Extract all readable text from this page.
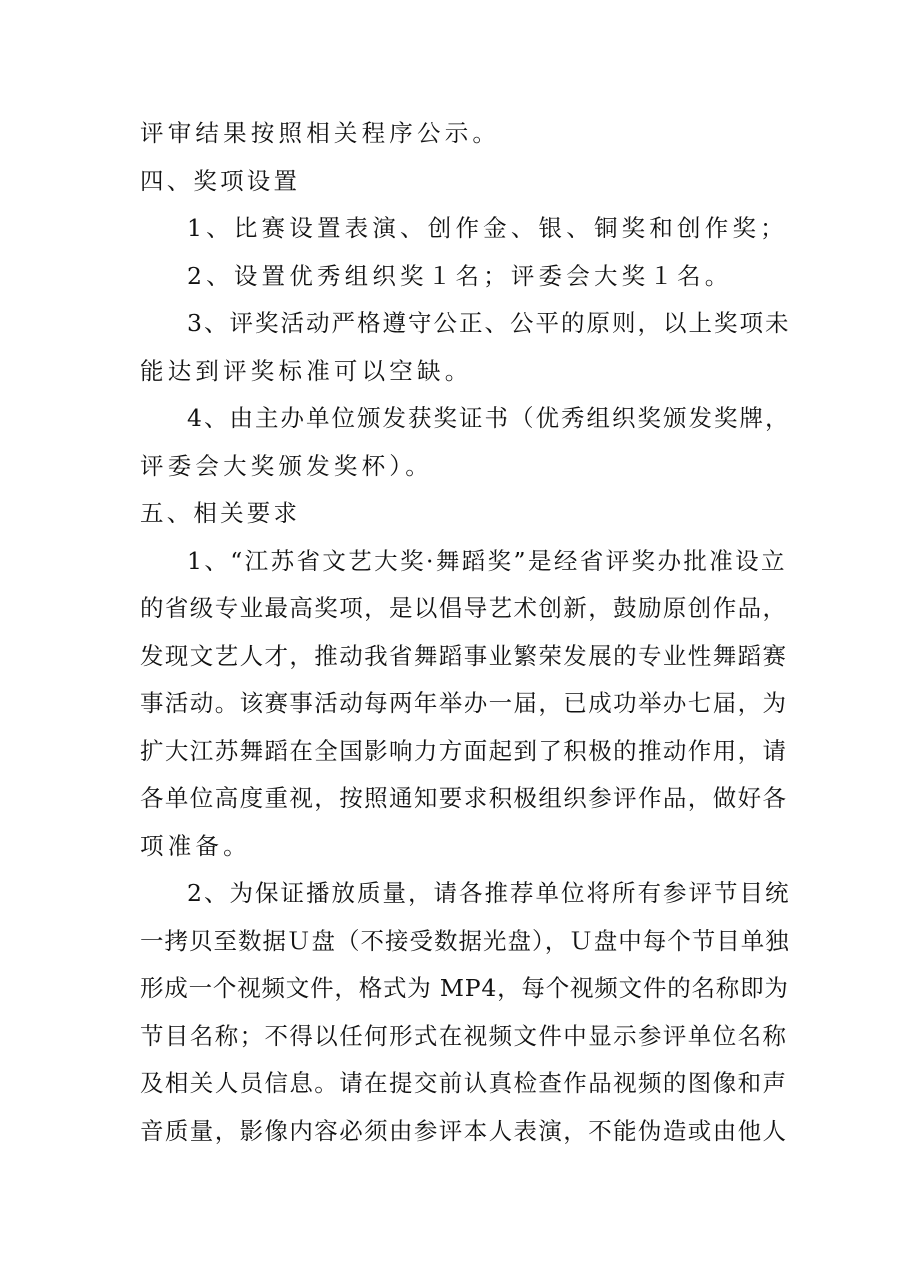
评审结果按照相关程序公示。
四、奖项设置
1、比赛设置表演、创作金、银、铜奖和创作奖；
2、设置优秀组织奖１名；评委会大奖１名。
3、评奖活动严格遵守公正、公平的原则，以上奖项未
能达到评奖标准可以空缺。
4、由主办单位颁发获奖证书（优秀组织奖颁发奖牌，
评委会大奖颁发奖杯）。
五、相关要求
1、“江苏省文艺大奖·舞蹈奖”是经省评奖办批准设立
的省级专业最高奖项，是以倡导艺术创新，鼓励原创作品，
发现文艺人才，推动我省舞蹈事业繁荣发展的专业性舞蹈赛
事活动。该赛事活动每两年举办一届，已成功举办七届，为
扩大江苏舞蹈在全国影响力方面起到了积极的推动作用，请
各单位高度重视，按照通知要求积极组织参评作品，做好各
项准备。
2、为保证播放质量，请各推荐单位将所有参评节目统
一拷贝至数据Ｕ盘（不接受数据光盘），Ｕ盘中每个节目单独
形成一个视频文件，格式为 MP4，每个视频文件的名称即为
节目名称；不得以任何形式在视频文件中显示参评单位名称
及相关人员信息。请在提交前认真检查作品视频的图像和声
音质量，影像内容必须由参评本人表演，不能伪造或由他人
